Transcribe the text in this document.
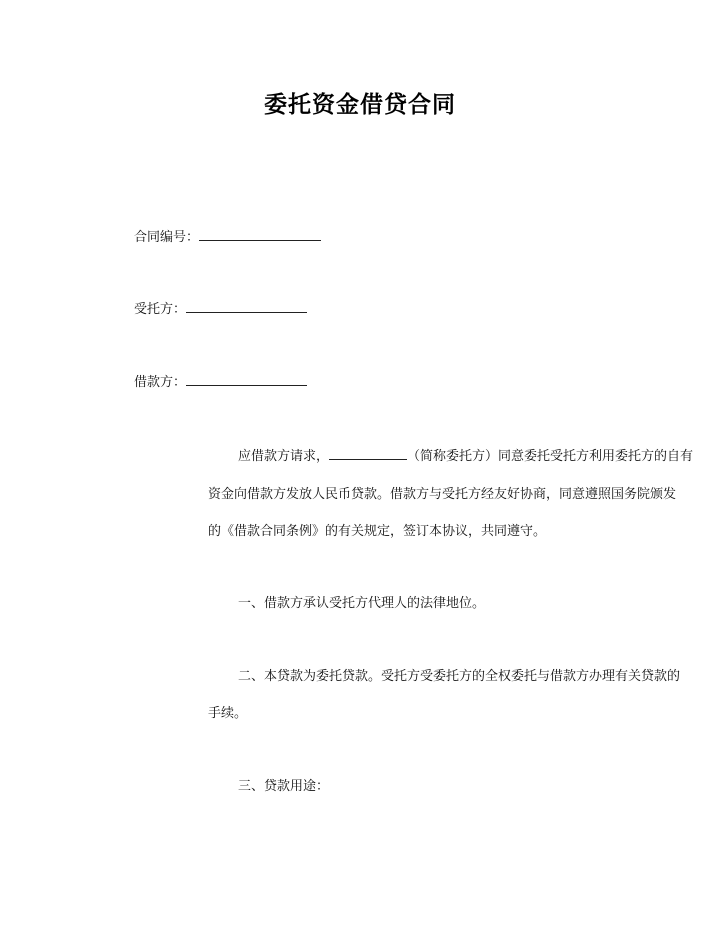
委托资金借贷合同
合同编号：
受托方：
借款方：
应借款方请求，	（简称委托方）同意委托受托方利用委托方的自有
资金向借款方发放人民币贷款。借款方与受托方经友好协商，同意遵照国务院颁发
的《借款合同条例》的有关规定，签订本协议，共同遵守。
一、借款方承认受托方代理人的法律地位。
二、本贷款为委托贷款。受托方受委托方的全权委托与借款方办理有关贷款的
手续。
三、贷款用途：
